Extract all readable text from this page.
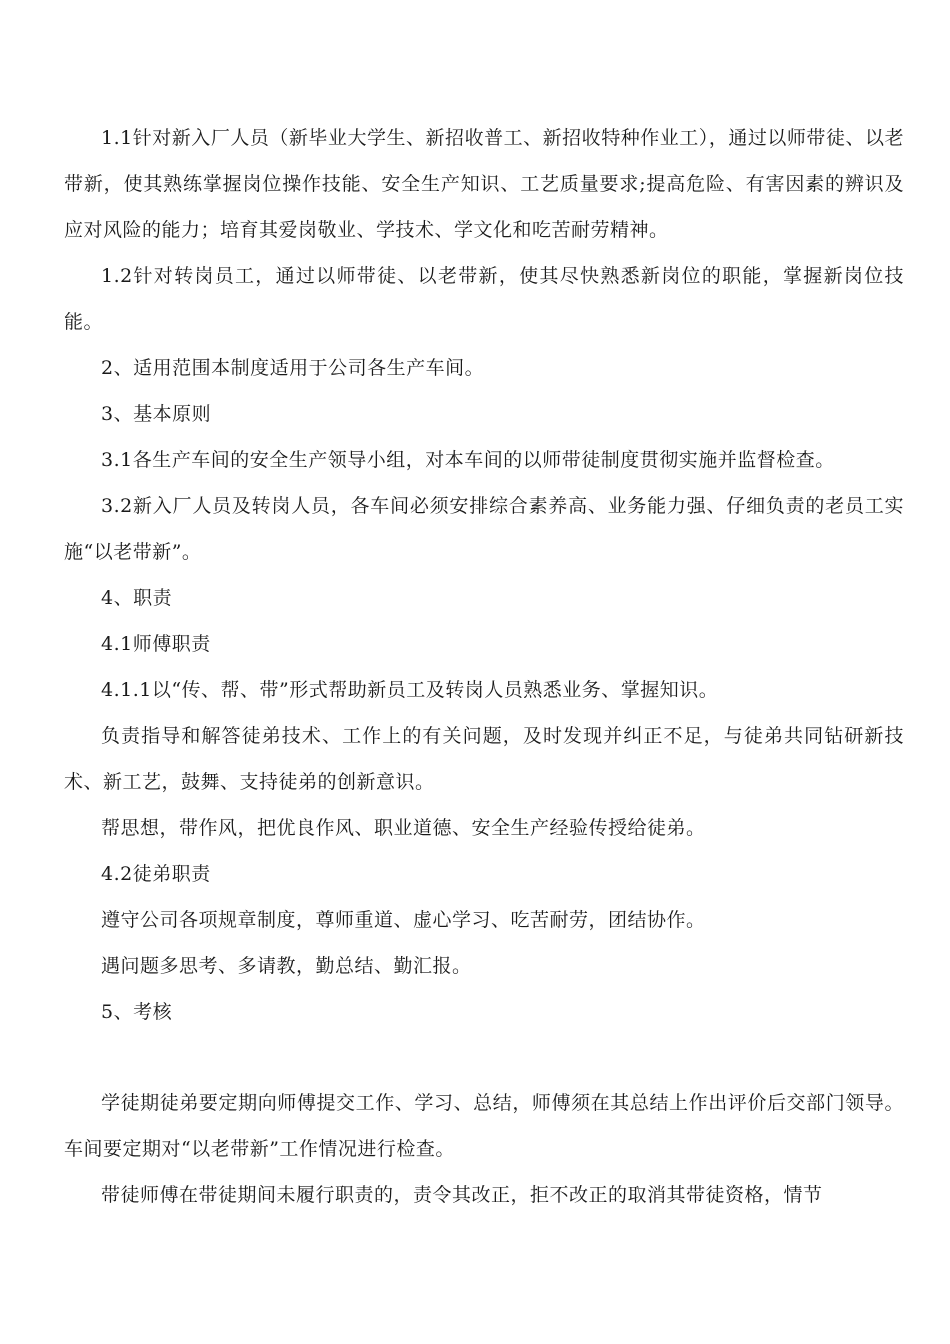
1.1针对新入厂人员（新毕业大学生、新招收普工、新招收特种作业工），通过以师带徒、以老带新，使其熟练掌握岗位操作技能、安全生产知识、工艺质量要求;提高危险、有害因素的辨识及应对风险的能力；培育其爱岗敬业、学技术、学文化和吃苦耐劳精神。

1.2针对转岗员工，通过以师带徒、以老带新，使其尽快熟悉新岗位的职能，掌握新岗位技能。

2、适用范围本制度适用于公司各生产车间。

3、基本原则

3.1各生产车间的安全生产领导小组，对本车间的以师带徒制度贯彻实施并监督检查。

3.2新入厂人员及转岗人员，各车间必须安排综合素养高、业务能力强、仔细负责的老员工实施“以老带新”。

4、职责

4.1师傅职责

4.1.1以“传、帮、带”形式帮助新员工及转岗人员熟悉业务、掌握知识。

负责指导和解答徒弟技术、工作上的有关问题，及时发现并纠正不足，与徒弟共同钻研新技术、新工艺，鼓舞、支持徒弟的创新意识。

帮思想，带作风，把优良作风、职业道德、安全生产经验传授给徒弟。

4.2徒弟职责

遵守公司各项规章制度，尊师重道、虚心学习、吃苦耐劳，团结协作。

遇问题多思考、多请教，勤总结、勤汇报。

5、考核

学徒期徒弟要定期向师傅提交工作、学习、总结，师傅须在其总结上作出评价后交部门领导。车间要定期对“以老带新”工作情况进行检查。

带徒师傅在带徒期间未履行职责的，责令其改正，拒不改正的取消其带徒资格，情节
